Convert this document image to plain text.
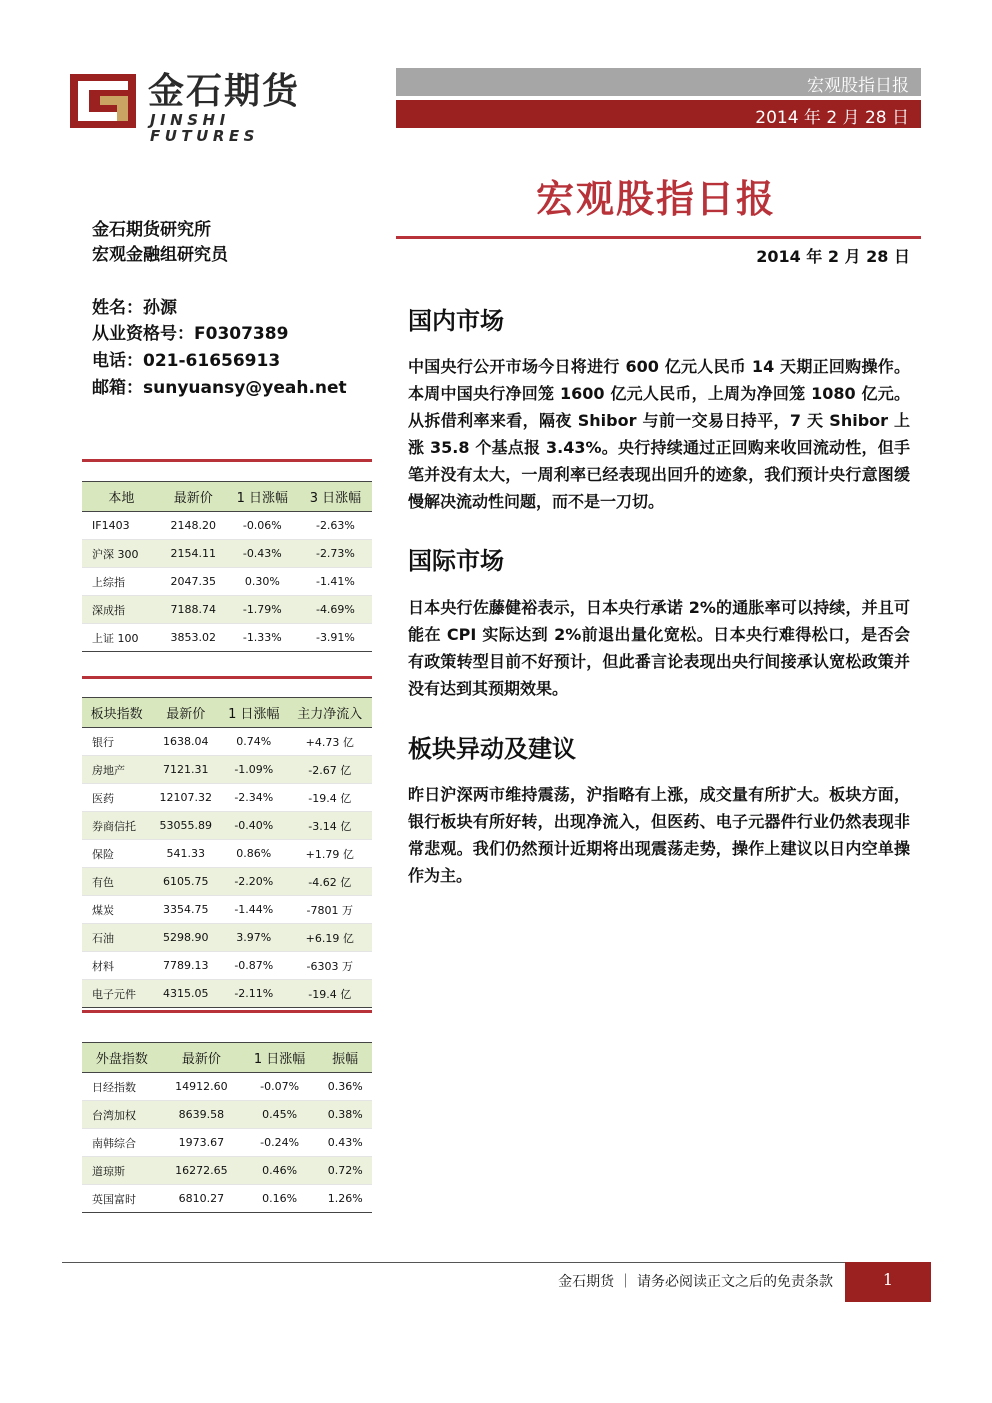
金石期货
JINSHI FUTURES
宏观股指日报
2014 年 2 月 28 日
宏观股指日报
2014 年 2 月 28 日
金石期货研究所
宏观金融组研究员
姓名：孙源
从业资格号：F0307389
电话：021-61656913
邮箱：sunyuansy@yeah.net
本地	最新价	1 日涨幅	3 日涨幅
IF1403	2148.20	-0.06%	-2.63%
沪深 300	2154.11	-0.43%	-2.73%
上综指	2047.35	0.30%	-1.41%
深成指	7188.74	-1.79%	-4.69%
上证 100	3853.02	-1.33%	-3.91%
板块指数	最新价	1 日涨幅	主力净流入
银行	1638.04	0.74%	+4.73 亿
房地产	7121.31	-1.09%	-2.67 亿
医药	12107.32	-2.34%	-19.4 亿
券商信托	53055.89	-0.40%	-3.14 亿
保险	541.33	0.86%	+1.79 亿
有色	6105.75	-2.20%	-4.62 亿
煤炭	3354.75	-1.44%	-7801 万
石油	5298.90	3.97%	+6.19 亿
材料	7789.13	-0.87%	-6303 万
电子元件	4315.05	-2.11%	-19.4 亿
外盘指数	最新价	1 日涨幅	振幅
日经指数	14912.60	-0.07%	0.36%
台湾加权	8639.58	0.45%	0.38%
南韩综合	1973.67	-0.24%	0.43%
道琼斯	16272.65	0.46%	0.72%
英国富时	6810.27	0.16%	1.26%
国内市场

中国央行公开市场今日将进行 600 亿元人民币 14 天期正回购操作。本周中国央行净回笼 1600 亿元人民币，上周为净回笼 1080 亿元。从拆借利率来看，隔夜 Shibor 与前一交易日持平，7 天 Shibor 上涨 35.8 个基点报 3.43%。央行持续通过正回购来收回流动性，但手笔并没有太大，一周利率已经表现出回升的迹象，我们预计央行意图缓慢解决流动性问题，而不是一刀切。

国际市场

日本央行佐藤健裕表示，日本央行承诺 2%的通胀率可以持续，并且可能在 CPI 实际达到 2%前退出量化宽松。日本央行难得松口，是否会有政策转型目前不好预计，但此番言论表现出央行间接承认宽松政策并没有达到其预期效果。

板块异动及建议

昨日沪深两市维持震荡，沪指略有上涨，成交量有所扩大。板块方面，银行板块有所好转，出现净流入，但医药、电子元器件行业仍然表现非常悲观。我们仍然预计近期将出现震荡走势，操作上建议以日内空单操作为主。

金石期货 ｜ 请务必阅读正文之后的免责条款	1
